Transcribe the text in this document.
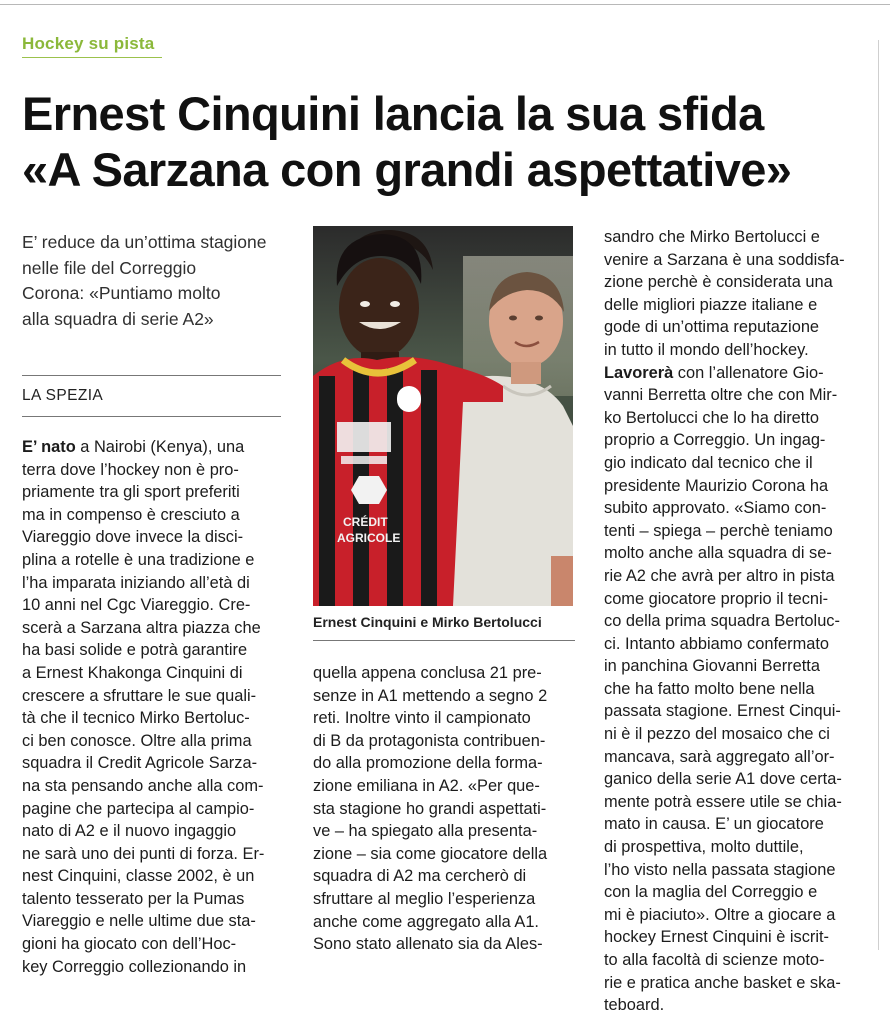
Hockey su pista
Ernest Cinquini lancia la sua sfida
«A Sarzana con grandi aspettative»
E’ reduce da un’ottima stagione
nelle file del Correggio
Corona: «Puntiamo molto
alla squadra di serie A2»
LA SPEZIA
E’ nato a Nairobi (Kenya), una
terra dove l’hockey non è pro-
priamente tra gli sport preferiti
ma in compenso è cresciuto a
Viareggio dove invece la disci-
plina a rotelle è una tradizione e
l’ha imparata iniziando all’età di
10 anni nel Cgc Viareggio. Cre-
scerà a Sarzana altra piazza che
ha basi solide e potrà garantire
a Ernest Khakonga Cinquini di
crescere a sfruttare le sue quali-
tà che il tecnico Mirko Bertoluc-
ci ben conosce. Oltre alla prima
squadra il Credit Agricole Sarza-
na sta pensando anche alla com-
pagine che partecipa al campio-
nato di A2 e il nuovo ingaggio
ne sarà uno dei punti di forza. Er-
nest Cinquini, classe 2002, è un
talento tesserato per la Pumas
Viareggio e nelle ultime due sta-
gioni ha giocato con dell’Hoc-
key Correggio collezionando in
CRÉDIT
AGRICOLE
Ernest Cinquini e Mirko Bertolucci
quella appena conclusa 21 pre-
senze in A1 mettendo a segno 2
reti. Inoltre vinto il campionato
di B da protagonista contribuen-
do alla promozione della forma-
zione emiliana in A2. «Per que-
sta stagione ho grandi aspettati-
ve – ha spiegato alla presenta-
zione – sia come giocatore della
squadra di A2 ma cercherò di
sfruttare al meglio l’esperienza
anche come aggregato alla A1.
Sono stato allenato sia da Ales-
sandro che Mirko Bertolucci e
venire a Sarzana è una soddisfa-
zione perchè è considerata una
delle migliori piazze italiane e
gode di un’ottima reputazione
in tutto il mondo dell’hockey.
Lavorerà con l’allenatore Gio-
vanni Berretta oltre che con Mir-
ko Bertolucci che lo ha diretto
proprio a Correggio. Un ingag-
gio indicato dal tecnico che il
presidente Maurizio Corona ha
subito approvato. «Siamo con-
tenti – spiega – perchè teniamo
molto anche alla squadra di se-
rie A2 che avrà per altro in pista
come giocatore proprio il tecni-
co della prima squadra Bertoluc-
ci. Intanto abbiamo confermato
in panchina Giovanni Berretta
che ha fatto molto bene nella
passata stagione. Ernest Cinqui-
ni è il pezzo del mosaico che ci
mancava, sarà aggregato all’or-
ganico della serie A1 dove certa-
mente potrà essere utile se chia-
mato in causa. E’ un giocatore
di prospettiva, molto duttile,
l’ho visto nella passata stagione
con la maglia del Correggio e
mi è piaciuto». Oltre a giocare a
hockey Ernest Cinquini è iscrit-
to alla facoltà di scienze moto-
rie e pratica anche basket e ska-
teboard.
